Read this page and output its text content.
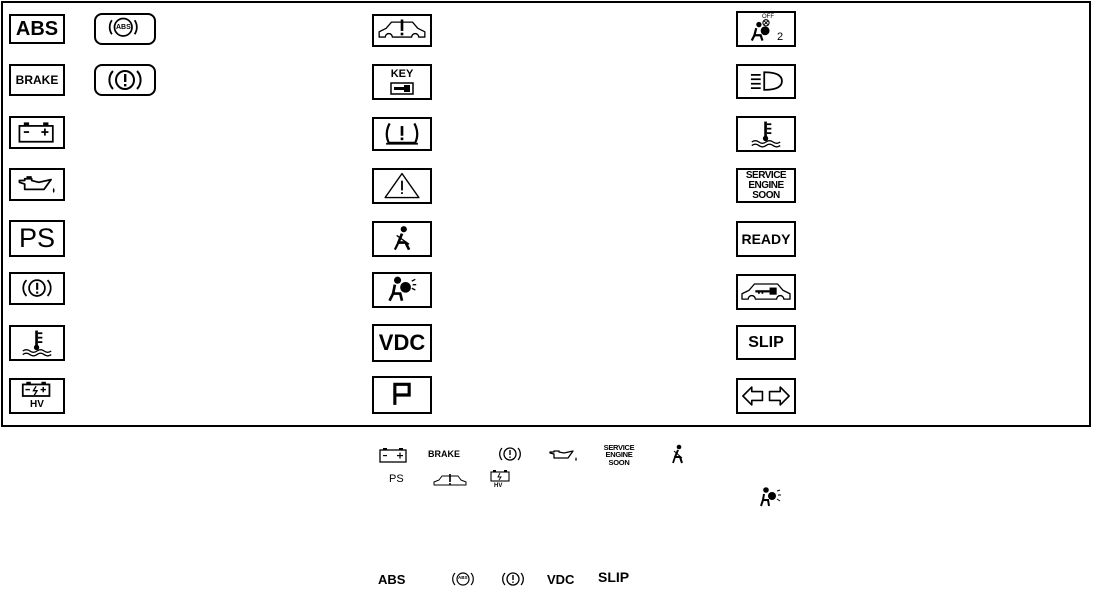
ABS	ABS
BRAKE
PS
HV
KEY
VDC
OFF
2
SERVICE
ENGINE
SOON
READY
SLIP
BRAKE
SERVICE
ENGINE
SOON
PS
HV
ABS	ABS	VDC SLIP
